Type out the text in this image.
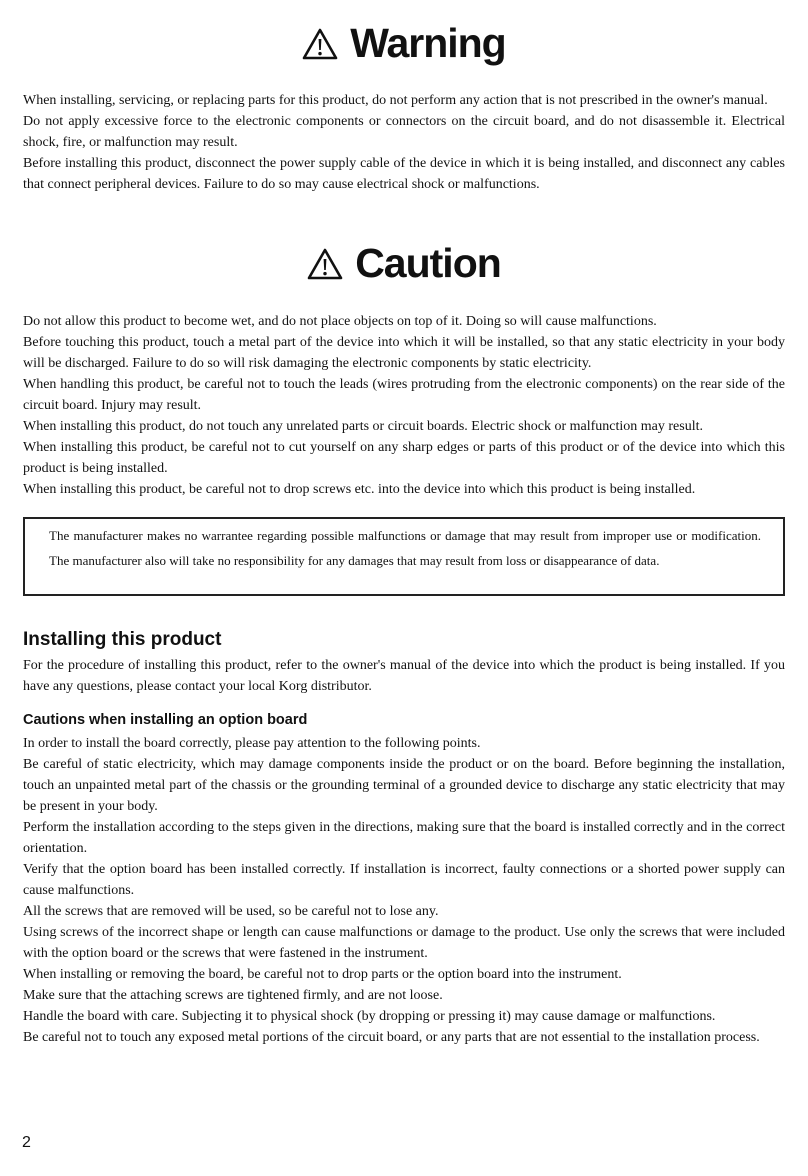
Warning
When installing, servicing, or replacing parts for this product, do not perform any action that is not prescribed in the owner's manual.
Do not apply excessive force to the electronic components or connectors on the circuit board, and do not disassemble it. Electrical shock, fire, or malfunction may result.
Before installing this product, disconnect the power supply cable of the device in which it is being installed, and disconnect any cables that connect peripheral devices. Failure to do so may cause electrical shock or malfunctions.
Caution
Do not allow this product to become wet, and do not place objects on top of it. Doing so will cause malfunctions.
Before touching this product, touch a metal part of the device into which it will be installed, so that any static electricity in your body will be discharged. Failure to do so will risk damaging the electronic components by static electricity.
When handling this product, be careful not to touch the leads (wires protruding from the electronic components) on the rear side of the circuit board. Injury may result.
When installing this product, do not touch any unrelated parts or circuit boards. Electric shock or malfunction may result.
When installing this product, be careful not to cut yourself on any sharp edges or parts of this product or of the device into which this product is being installed.
When installing this product, be careful not to drop screws etc. into the device into which this product is being installed.

The manufacturer makes no warrantee regarding possible malfunctions or damage that may result from improper use or modification. The manufacturer also will take no responsibility for any damages that may result from loss or disappearance of data.

Installing this product
For the procedure of installing this product, refer to the owner's manual of the device into which the product is being installed. If you have any questions, please contact your local Korg distributor.
Cautions when installing an option board
In order to install the board correctly, please pay attention to the following points.
Be careful of static electricity, which may damage components inside the product or on the board. Before beginning the installation, touch an unpainted metal part of the chassis or the grounding terminal of a grounded device to discharge any static electricity that may be present in your body.
Perform the installation according to the steps given in the directions, making sure that the board is installed correctly and in the correct orientation.
Verify that the option board has been installed correctly. If installation is incorrect, faulty connections or a shorted power supply can cause malfunctions.
All the screws that are removed will be used, so be careful not to lose any.
Using screws of the incorrect shape or length can cause malfunctions or damage to the product. Use only the screws that were included with the option board or the screws that were fastened in the instrument.
When installing or removing the board, be careful not to drop parts or the option board into the instrument.
Make sure that the attaching screws are tightened firmly, and are not loose.
Handle the board with care. Subjecting it to physical shock (by dropping or pressing it) may cause damage or malfunctions.
Be careful not to touch any exposed metal portions of the circuit board, or any parts that are not essential to the installation process.
2
